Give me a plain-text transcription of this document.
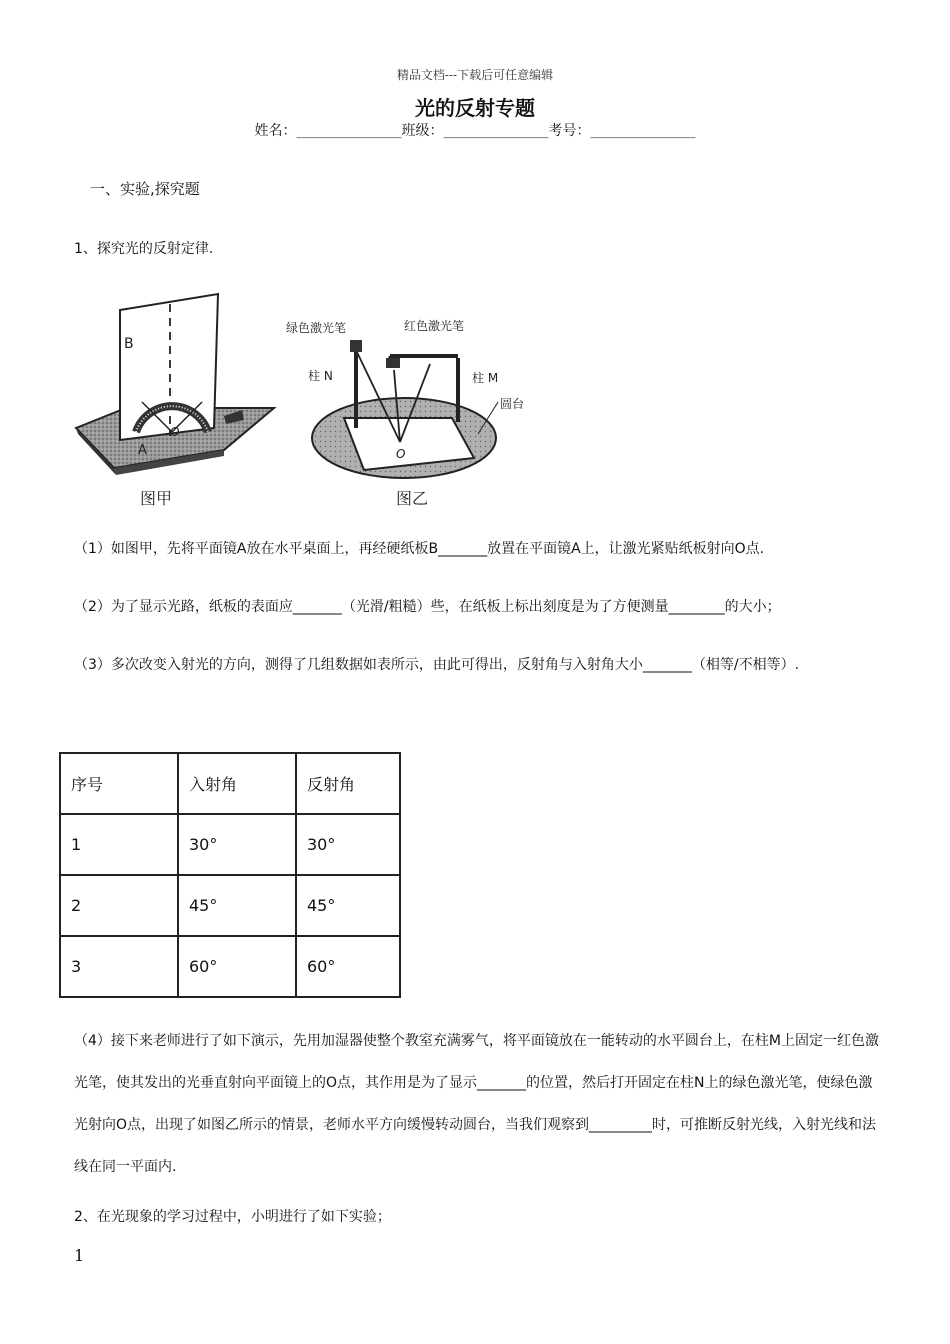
精品文档---下载后可任意编辑
光的反射专题
姓名：_______________班级：_______________考号：_______________
一、实验,探究题
1、探究光的反射定律.
B
A
O
图甲
绿色激光笔	红色激光笔
柱 N	柱 M
圆台
O
图乙
（1）如图甲，先将平面镜A放在水平桌面上，再经硬纸板B_______放置在平面镜A上，让激光紧贴纸板射向O点.
（2）为了显示光路，纸板的表面应_______（光滑/粗糙）些，在纸板上标出刻度是为了方便测量________的大小；
（3）多次改变入射光的方向，测得了几组数据如表所示，由此可得出，反射角与入射角大小_______（相等/不相等）.
序号	入射角	反射角
1	30°	30°
2	45°	45°
3	60°	60°
（4）接下来老师进行了如下演示，先用加湿器使整个教室充满雾气，将平面镜放在一能转动的水平圆台上，在柱M上固定一红色激光笔，使其发出的光垂直射向平面镜上的O点，其作用是为了显示_______的位置，然后打开固定在柱N上的绿色激光笔，使绿色激光射向O点，出现了如图乙所示的情景，老师水平方向缓慢转动圆台，当我们观察到_________时，可推断反射光线，入射光线和法线在同一平面内.
2、在光现象的学习过程中，小明进行了如下实验；
1
